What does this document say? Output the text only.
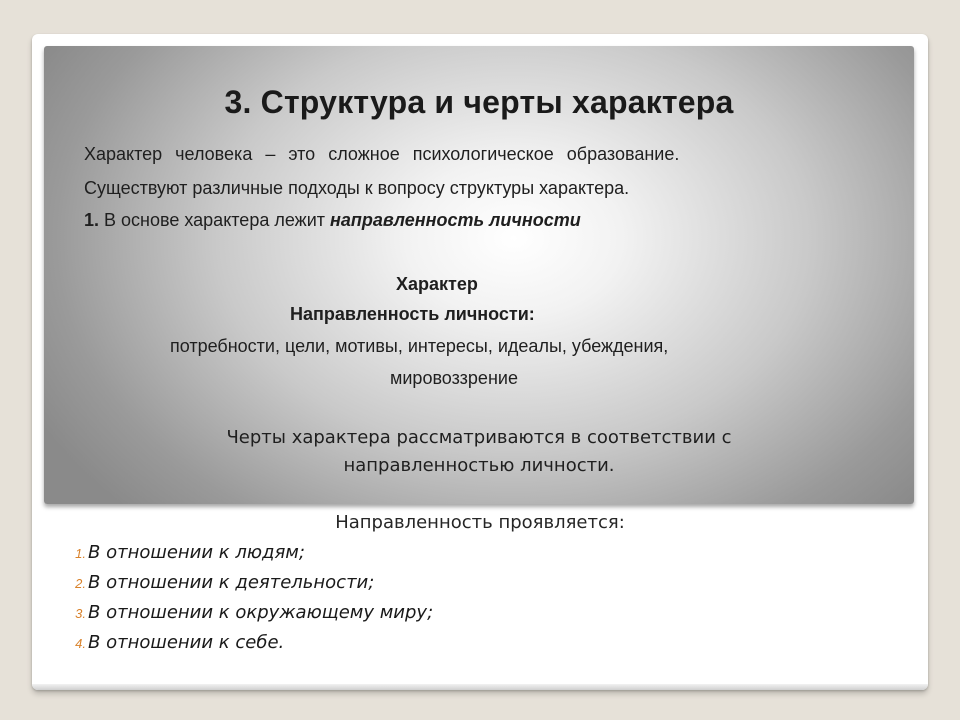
3. Структура и черты характера

Характер человека – это сложное психологическое образование.

Существуют различные подходы к вопросу структуры характера.

1. В основе характера лежит направленность личности

Характер

Направленность личности:

потребности, цели, мотивы, интересы, идеалы, убеждения,

мировоззрение

Черты характера рассматриваются в соответствии с
направленностью личности.

Направленность проявляется:

1. В отношении к людям;
2. В отношении к деятельности;
3. В отношении к окружающему миру;
4. В отношении к себе.
